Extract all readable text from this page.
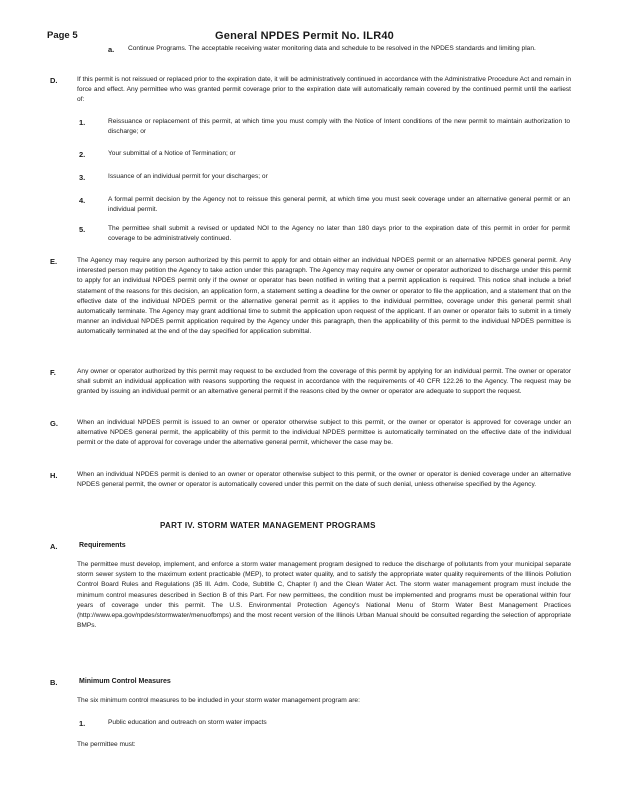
Page 5	General NPDES Permit No. ILR40
a. Continue Programs. The acceptable receiving water monitoring data and schedule to be resolved in the NPDES standards and limiting plan.
D.	If this permit is not reissued or replaced prior to the expiration date, it will be administratively continued in accordance with the Administrative Procedure Act and remain in force and effect. Any permittee who was granted permit coverage prior to the expiration date will automatically remain covered by the continued permit until the earliest of:
1.	Reissuance or replacement of this permit, at which time you must comply with the Notice of Intent conditions of the new permit to maintain authorization to discharge; or
2.	Your submittal of a Notice of Termination; or
3.	Issuance of an individual permit for your discharges; or
4.	A formal permit decision by the Agency not to reissue this general permit, at which time you must seek coverage under an alternative general permit or an individual permit.
5.	The permittee shall submit a revised or updated NOI to the Agency no later than 180 days prior to the expiration date of this permit in order for permit coverage to be administratively continued.
E.	The Agency may require any person authorized by this permit to apply for and obtain either an individual NPDES permit or an alternative NPDES general permit. Any interested person may petition the Agency to take action under this paragraph. The Agency may require any owner or operator authorized to discharge under this permit to apply for an individual NPDES permit only if the owner or operator has been notified in writing that a permit application is required. This notice shall include a brief statement of the reasons for this decision, an application form, a statement setting a deadline for the owner or operator to file the application, and a statement that on the effective date of the individual NPDES permit or the alternative general permit as it applies to the individual permittee, coverage under this general permit shall automatically terminate. The Agency may grant additional time to submit the application upon request of the applicant. If an owner or operator fails to submit in a timely manner an individual NPDES permit application required by the Agency under this paragraph, then the applicability of this permit to the individual NPDES permittee is automatically terminated at the end of the day specified for application submittal.
F.	Any owner or operator authorized by this permit may request to be excluded from the coverage of this permit by applying for an individual permit. The owner or operator shall submit an individual application with reasons supporting the request in accordance with the requirements of 40 CFR 122.26 to the Agency. The request may be granted by issuing an individual permit or an alternative general permit if the reasons cited by the owner or operator are adequate to support the request.
G.	When an individual NPDES permit is issued to an owner or operator otherwise subject to this permit, or the owner or operator is approved for coverage under an alternative NPDES general permit, the applicability of this permit to the individual NPDES permittee is automatically terminated on the effective date of the individual permit or the date of approval for coverage under the alternative general permit, whichever the case may be.
H.	When an individual NPDES permit is denied to an owner or operator otherwise subject to this permit, or the owner or operator is denied coverage under an alternative NPDES general permit, the owner or operator is automatically covered under this permit on the date of such denial, unless otherwise specified by the Agency.
PART IV. STORM WATER MANAGEMENT PROGRAMS
A.	Requirements
The permittee must develop, implement, and enforce a storm water management program designed to reduce the discharge of pollutants from your municipal separate storm sewer system to the maximum extent practicable (MEP), to protect water quality, and to satisfy the appropriate water quality requirements of the Illinois Pollution Control Board Rules and Regulations (35 Ill. Adm. Code, Subtitle C, Chapter I) and the Clean Water Act. The storm water management program must include the minimum control measures described in Section B of this Part. For new permittees, the condition must be implemented and programs must be operational within four years of coverage under this permit. The U.S. Environmental Protection Agency's National Menu of Storm Water Best Management Practices (http://www.epa.gov/npdes/stormwater/menuofbmps) and the most recent version of the Illinois Urban Manual should be consulted regarding the selection of appropriate BMPs.
B.	Minimum Control Measures
The six minimum control measures to be included in your storm water management program are:
1.	Public education and outreach on storm water impacts
The permittee must:
